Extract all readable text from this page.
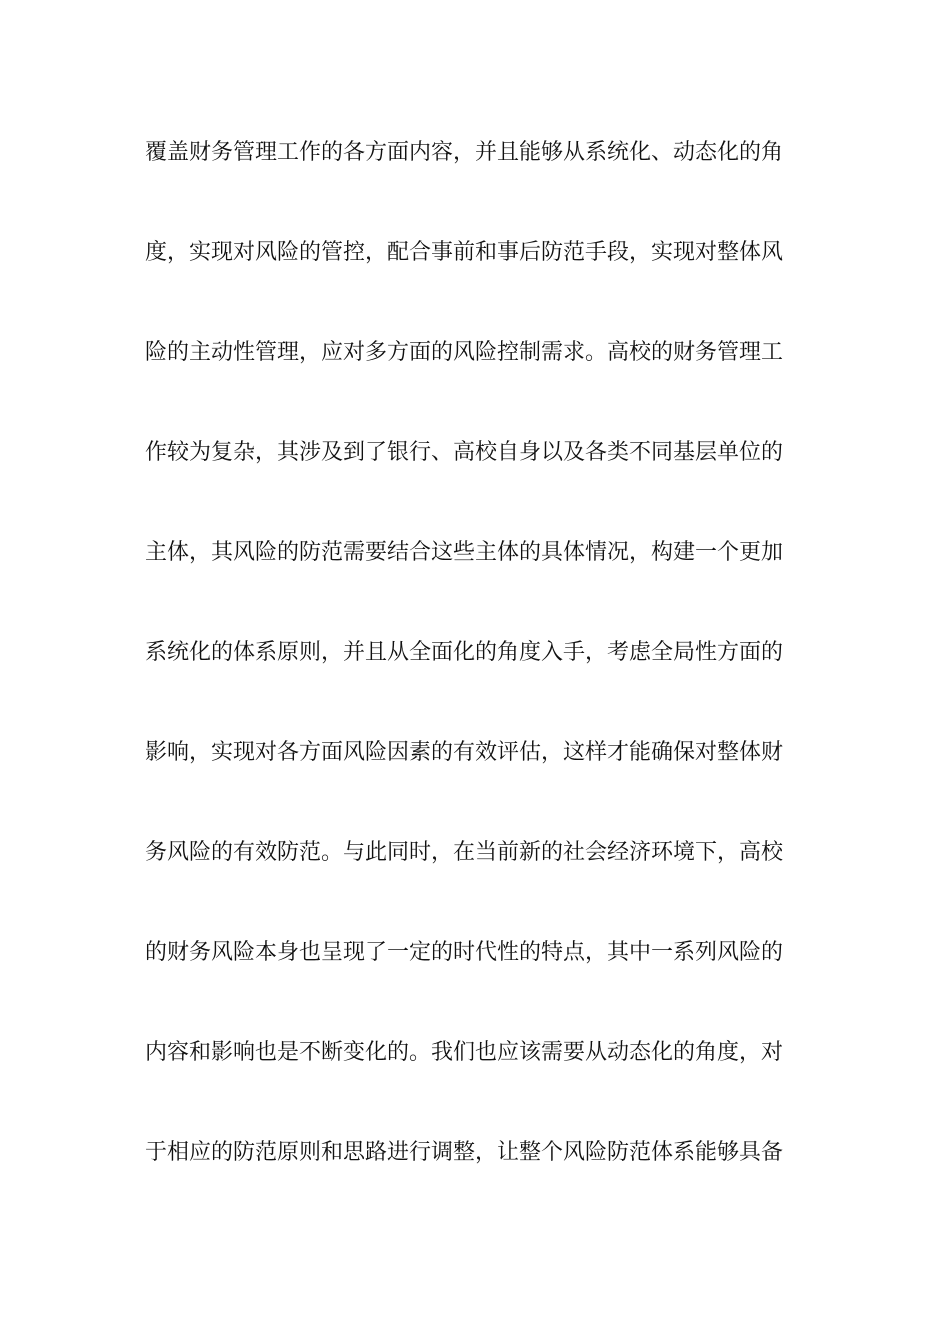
覆盖财务管理工作的各方面内容，并且能够从系统化、动态化的角
度，实现对风险的管控，配合事前和事后防范手段，实现对整体风
险的主动性管理，应对多方面的风险控制需求。高校的财务管理工
作较为复杂，其涉及到了银行、高校自身以及各类不同基层单位的
主体，其风险的防范需要结合这些主体的具体情况，构建一个更加
系统化的体系原则，并且从全面化的角度入手，考虑全局性方面的
影响，实现对各方面风险因素的有效评估，这样才能确保对整体财
务风险的有效防范。与此同时，在当前新的社会经济环境下，高校
的财务风险本身也呈现了一定的时代性的特点，其中一系列风险的
内容和影响也是不断变化的。我们也应该需要从动态化的角度，对
于相应的防范原则和思路进行调整，让整个风险防范体系能够具备
